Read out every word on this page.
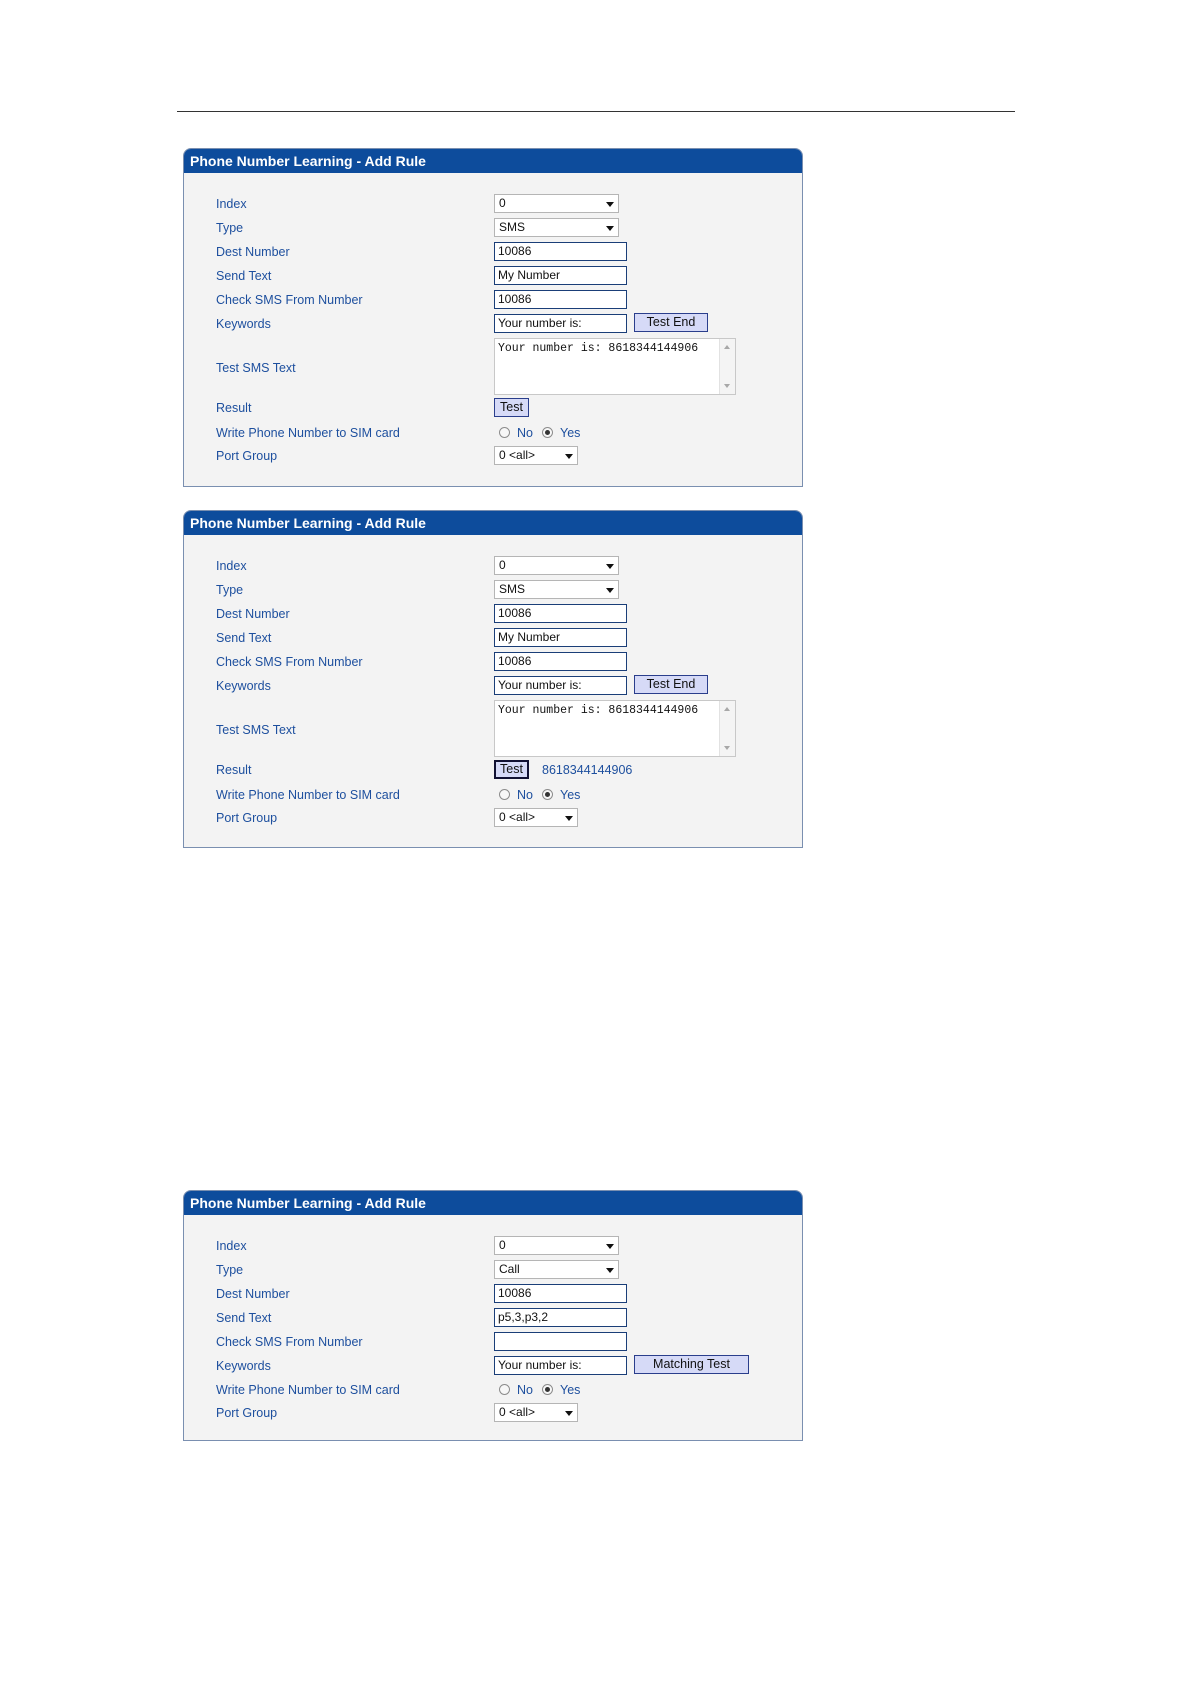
Phone Number Learning - Add Rule
Index	0
Type	SMS
Dest Number	10086
Send Text	My Number
Check SMS From Number	10086
Keywords	Your number is:	Test End
Test SMS Text
Your number is: 8618344144906
Result	Test
Write Phone Number to SIM card	No Yes
Port Group	0 <all>
Phone Number Learning - Add Rule
Index	0
Type	SMS
Dest Number	10086
Send Text	My Number
Check SMS From Number	10086
Keywords	Your number is:	Test End
Test SMS Text
Your number is: 8618344144906
Result	Test	8618344144906
Write Phone Number to SIM card	No Yes
Port Group	0 <all>
Phone Number Learning - Add Rule
Index	0
Type	Call
Dest Number	10086
Send Text	p5,3,p3,2
Check SMS From Number
Keywords	Your number is:	Matching Test
Write Phone Number to SIM card	No Yes
Port Group	0 <all>
